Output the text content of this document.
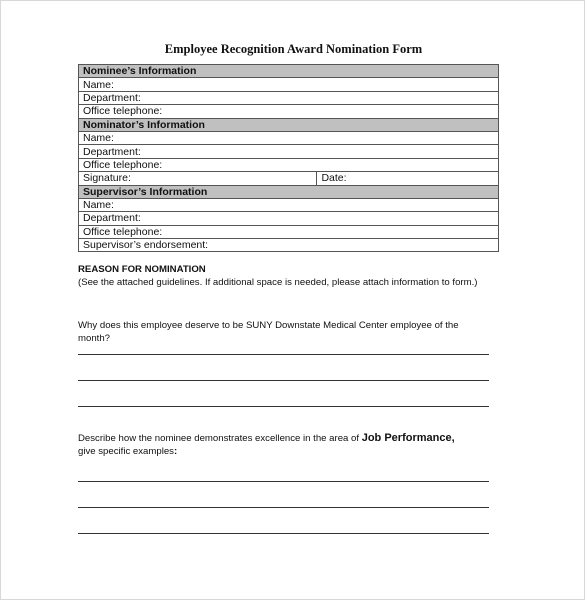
Employee Recognition Award Nomination Form
Nominee’s Information
Name:
Department:
Office telephone:
Nominator’s Information
Name:
Department:
Office telephone:
Signature:	Date:
Supervisor’s Information
Name:
Department:
Office telephone:
Supervisor’s endorsement:
REASON FOR NOMINATION
(See the attached guidelines. If additional space is needed, please attach information to form.)
Why does this employee deserve to be SUNY Downstate Medical Center employee of the month?
Describe how the nominee demonstrates excellence in the area of Job Performance,
give specific examples:
